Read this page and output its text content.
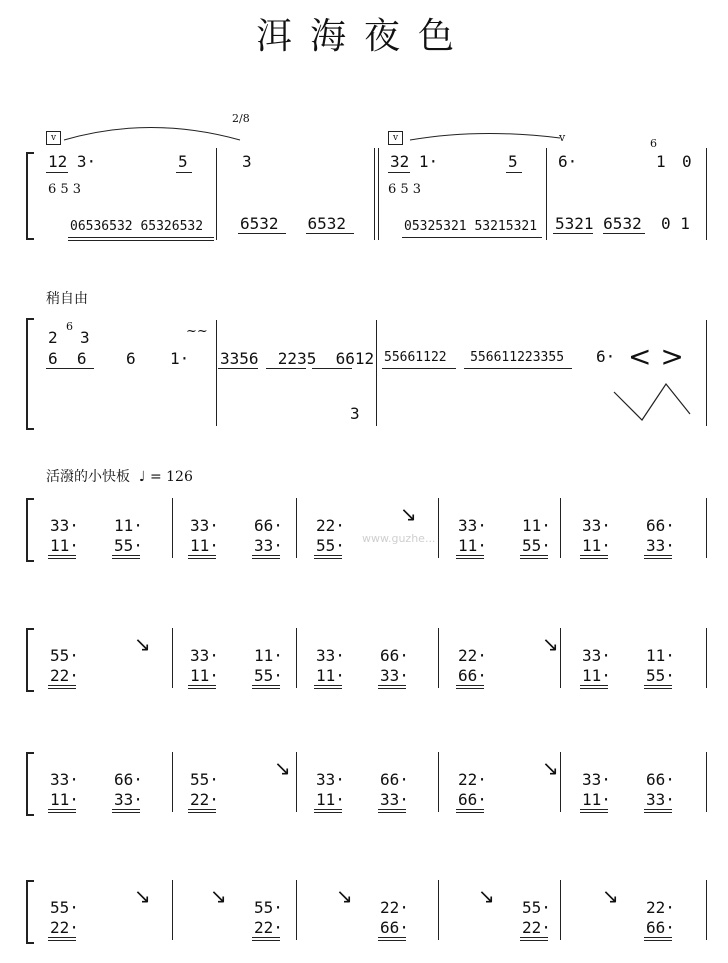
洱海夜色
v	v
2/8
12 3·	5
6 5 3
06536532 65326532
3
6532 6532
32 1·	5
6 5 3
05325321 53215321
6·
6
1 0
v
5321 6532 0 1
稍自由
2
6
3
6 6 6 1·
~~
3356 2235 6612
3
55661122 556611223355 6· < >
活潑的小快板 ♩ = 126
www.guzhe...
33· 11·
11· 55·
33· 66·
11· 33·
22·	↘
55·
33· 11·
11· 55·
33· 66·
11· 33·
55·	↘
22·
33· 11·
11· 55·
33· 66·
11· 33·
22·	↘
66·
33· 11·
11· 55·
33· 66·
11· 33·
55·	↘
22·
33· 66·
11· 33·
22·	↘
66·
33· 66·
11· 33·
55·	↘
22·
↘ 55·
22·
↘ 22·
66·
↘ 55·
22·
↘ 22·
66·
